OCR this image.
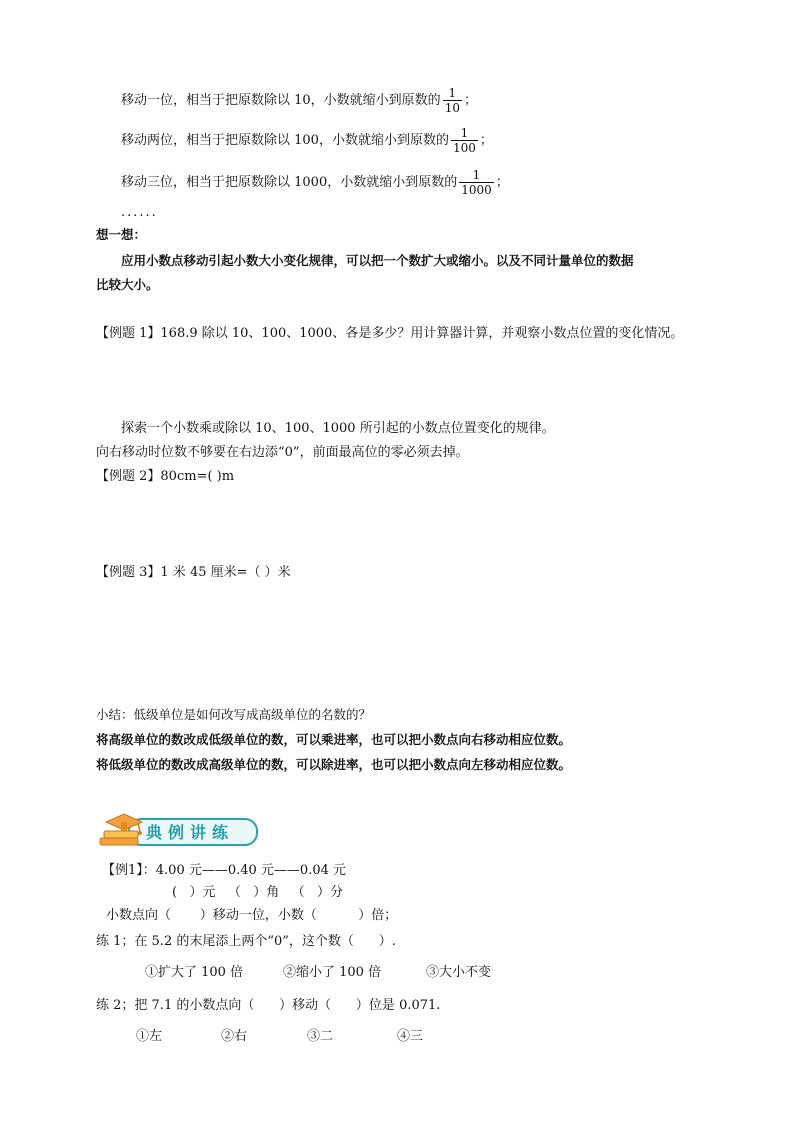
移动一位，相当于把原数除以 10，小数就缩小到原数的 $\frac{1}{10}$ ；
移动两位，相当于把原数除以 100，小数就缩小到原数的 $\frac{1}{100}$ ；
移动三位，相当于把原数除以 1000，小数就缩小到原数的 $\frac{1}{1000}$ ；
......
想一想：
应用小数点移动引起小数大小变化规律，可以把一个数扩大或缩小。以及不同计量单位的数据
比较大小。
【例题 1】168.9 除以 10、100、1000、各是多少？用计算器计算，并观察小数点位置的变化情况。
探索一个小数乘或除以 10、100、1000 所引起的小数点位置变化的规律。
向右移动时位数不够要在右边添“0”，前面最高位的零必须去掉。
【例题 2】80cm=( )m
【例题 3】1 米 45 厘米=（ ）米
小结：低级单位是如何改写成高级单位的名数的？
将高级单位的数改成低级单位的数，可以乘进率，也可以把小数点向右移动相应位数。
将低级单位的数改成高级单位的数，可以除进率，也可以把小数点向左移动相应位数。
典例讲练
【例1】：4.00 元——0.40 元——0.04 元
(   ）元   （   ）角   （   ）分
小数点向（       ）移动一位，小数（          ）倍；
练 1；在 5.2 的末尾添上两个“0”，这个数（      ）.
①扩大了 100 倍	②缩小了 100 倍	③大小不变
练 2；把 7.1 的小数点向（      ）移动（      ）位是 0.071.
①左	②右	③二	④三
